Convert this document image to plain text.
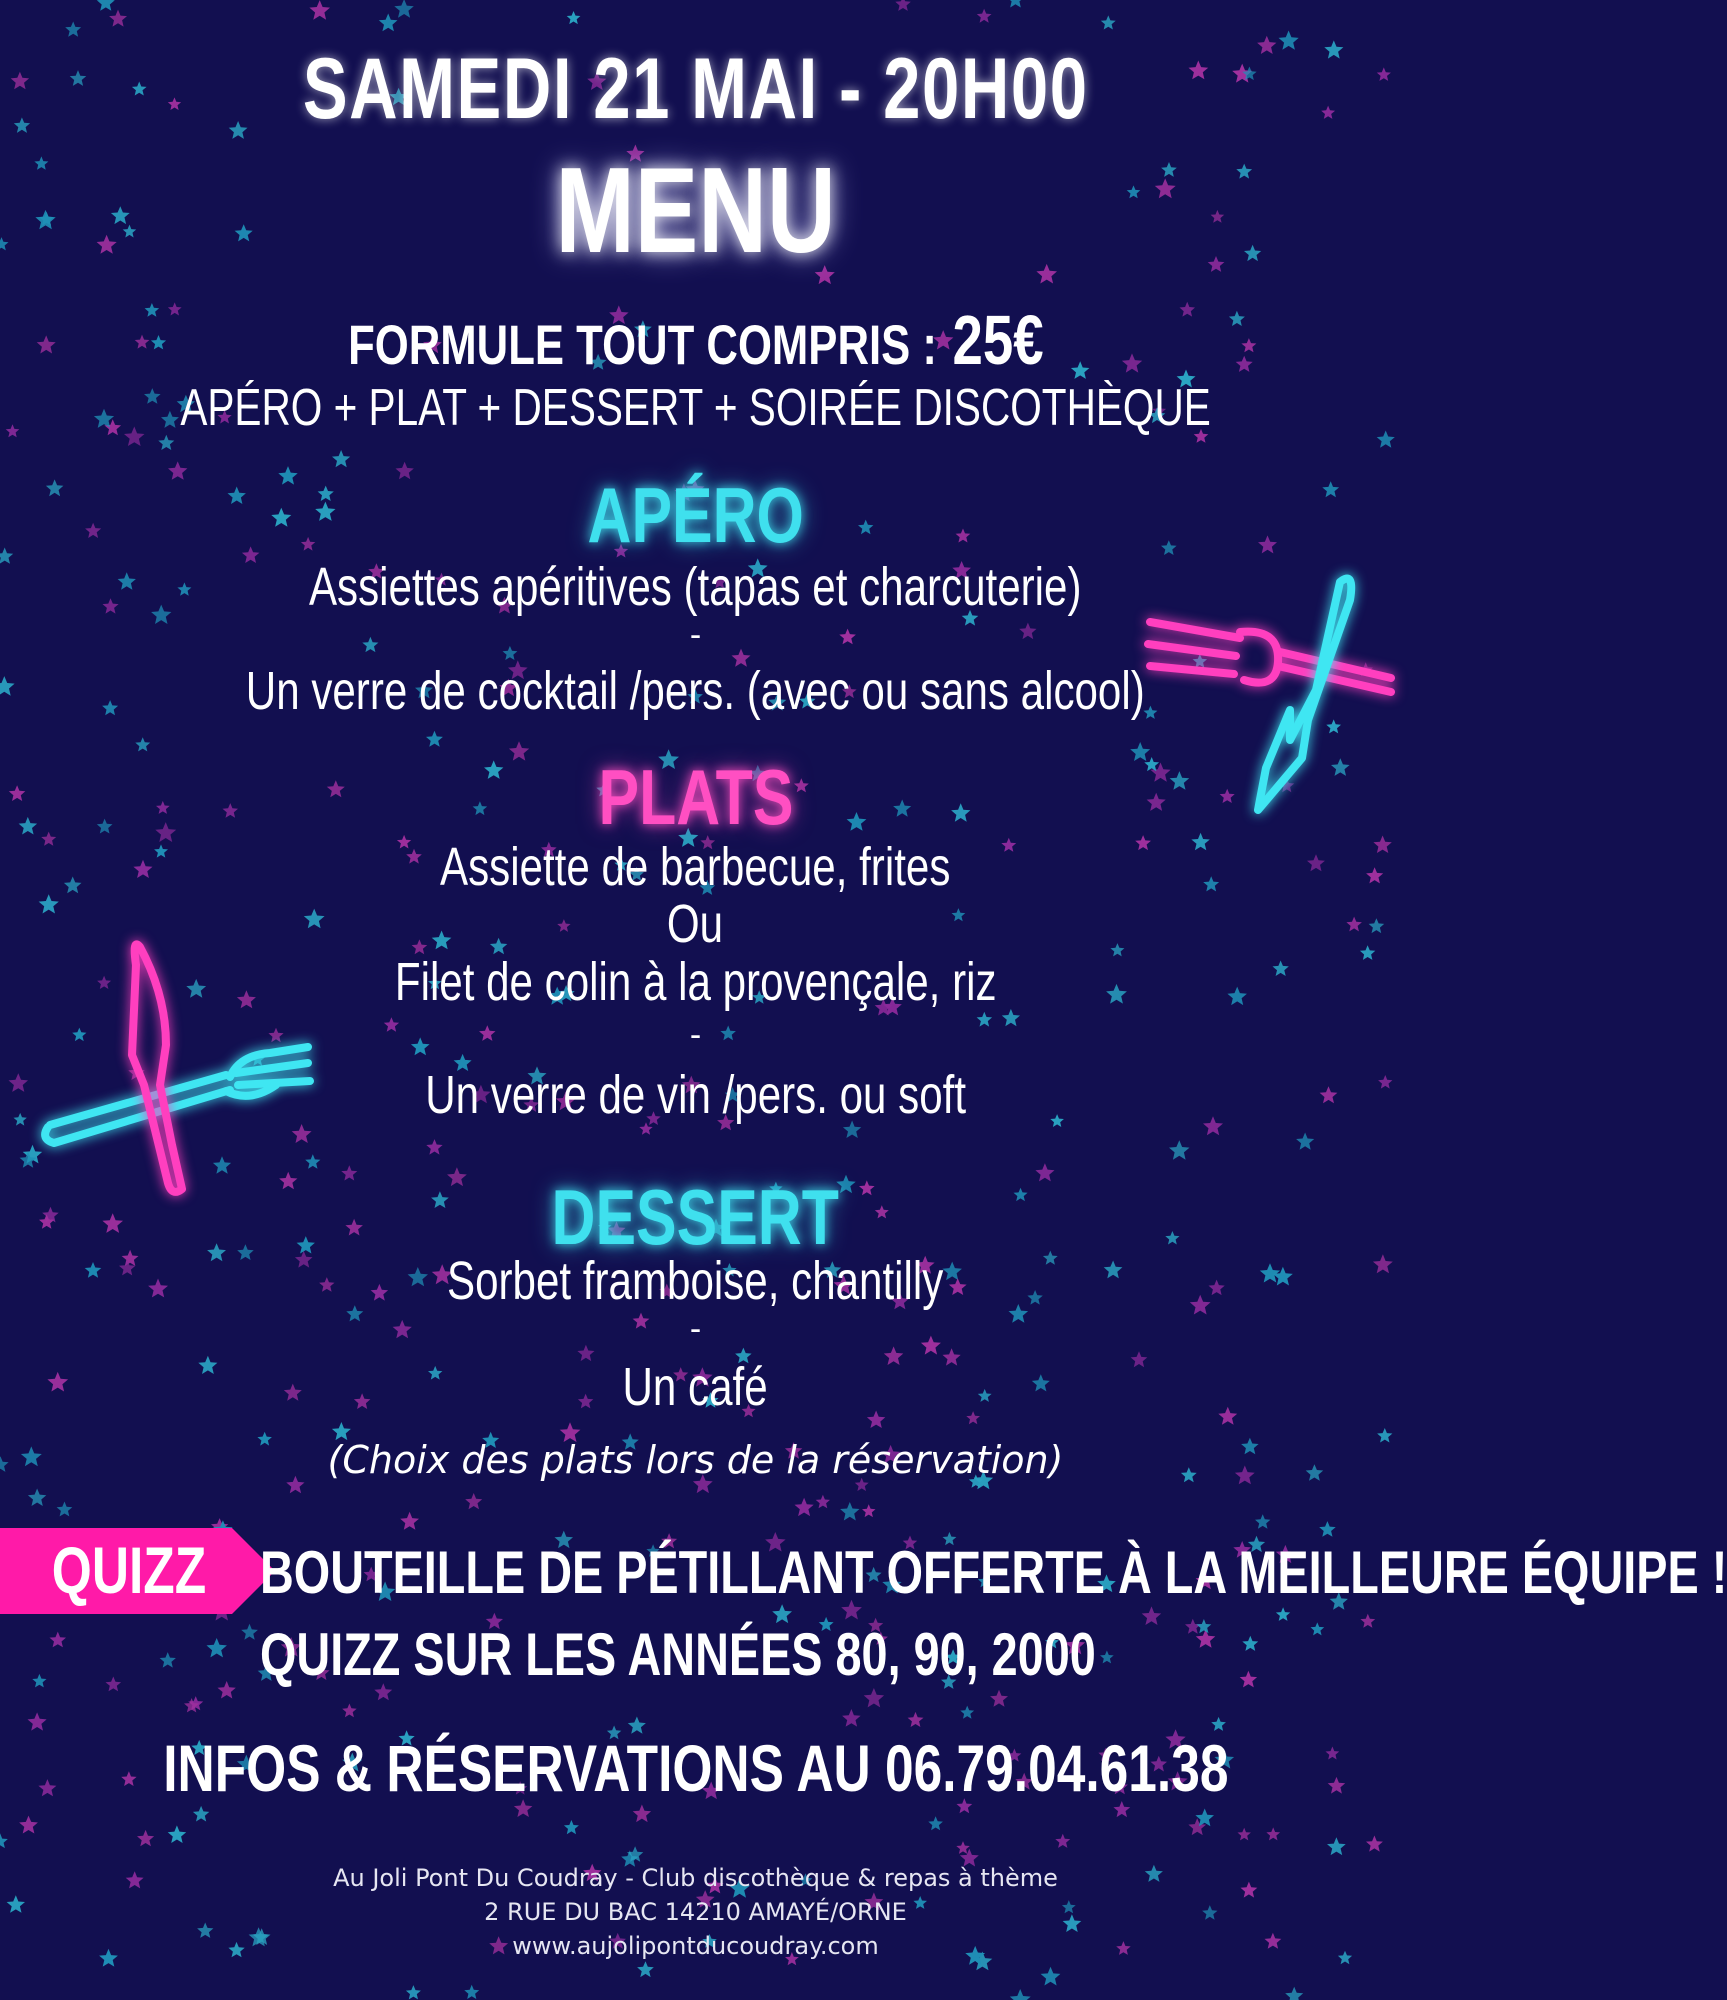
SAMEDI 21 MAI - 20H00
MENU
FORMULE TOUT COMPRIS : 25€
APÉRO + PLAT + DESSERT + SOIRÉE DISCOTHÈQUE
APÉRO
Assiettes apéritives (tapas et charcuterie)
-
Un verre de cocktail /pers. (avec ou sans alcool)
PLATS
Assiette de barbecue, frites
Ou
Filet de colin à la provençale, riz
-
Un verre de vin /pers. ou soft
DESSERT
Sorbet framboise, chantilly
-
Un café
(Choix des plats lors de la réservation)
QUIZZ BOUTEILLE DE PÉTILLANT OFFERTE À LA MEILLEURE ÉQUIPE !
QUIZZ SUR LES ANNÉES 80, 90, 2000
INFOS & RÉSERVATIONS AU 06.79.04.61.38
Au Joli Pont Du Coudray - Club discothèque & repas à thème
2 RUE DU BAC 14210 AMAYÉ/ORNE
www.aujolipontducoudray.com
